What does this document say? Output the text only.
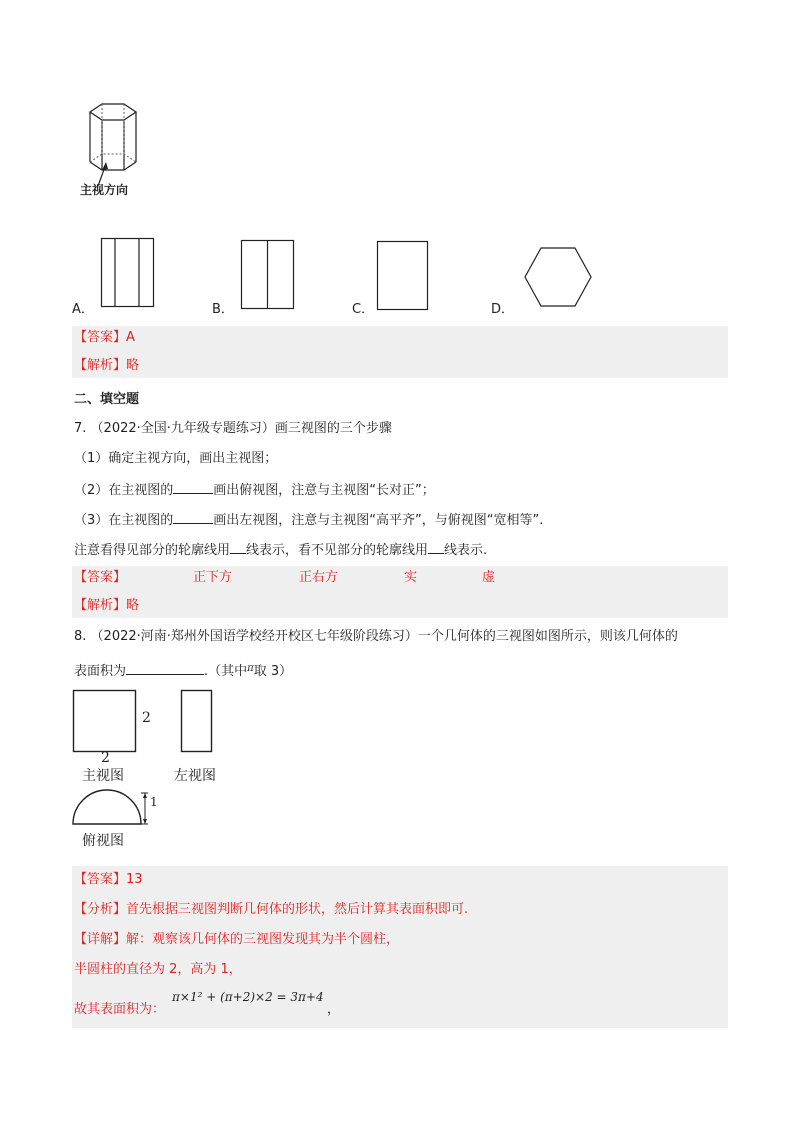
主视方向
A．	B．	C．	D．
【答案】A
【解析】略
二、填空题
7. （2022·全国·九年级专题练习）画三视图的三个步骤
（1）确定主视方向，画出主视图；
（2）在主视图的	画出俯视图，注意与主视图“长对正”；
（3）在主视图的	画出左视图，注意与主视图“高平齐”，与俯视图“宽相等”.
注意看得见部分的轮廓线用 线表示，看不见部分的轮廓线用 线表示.
【答案】	正下方	正右方	实	虚
【解析】略
8. （2022·河南·郑州外国语学校经开校区七年级阶段练习）一个几何体的三视图如图所示，则该几何体的
表面积为	.（其中$^\pi$取 3）
2
2
主视图	左视图
1
俯视图
【答案】13
【分析】首先根据三视图判断几何体的形状，然后计算其表面积即可.
【详解】解：观察该几何体的三视图发现其为半个圆柱，
半圆柱的直径为 2，高为 1，
故其表面积为：
π×1² + (π+2)×2 = 3π+4
，
